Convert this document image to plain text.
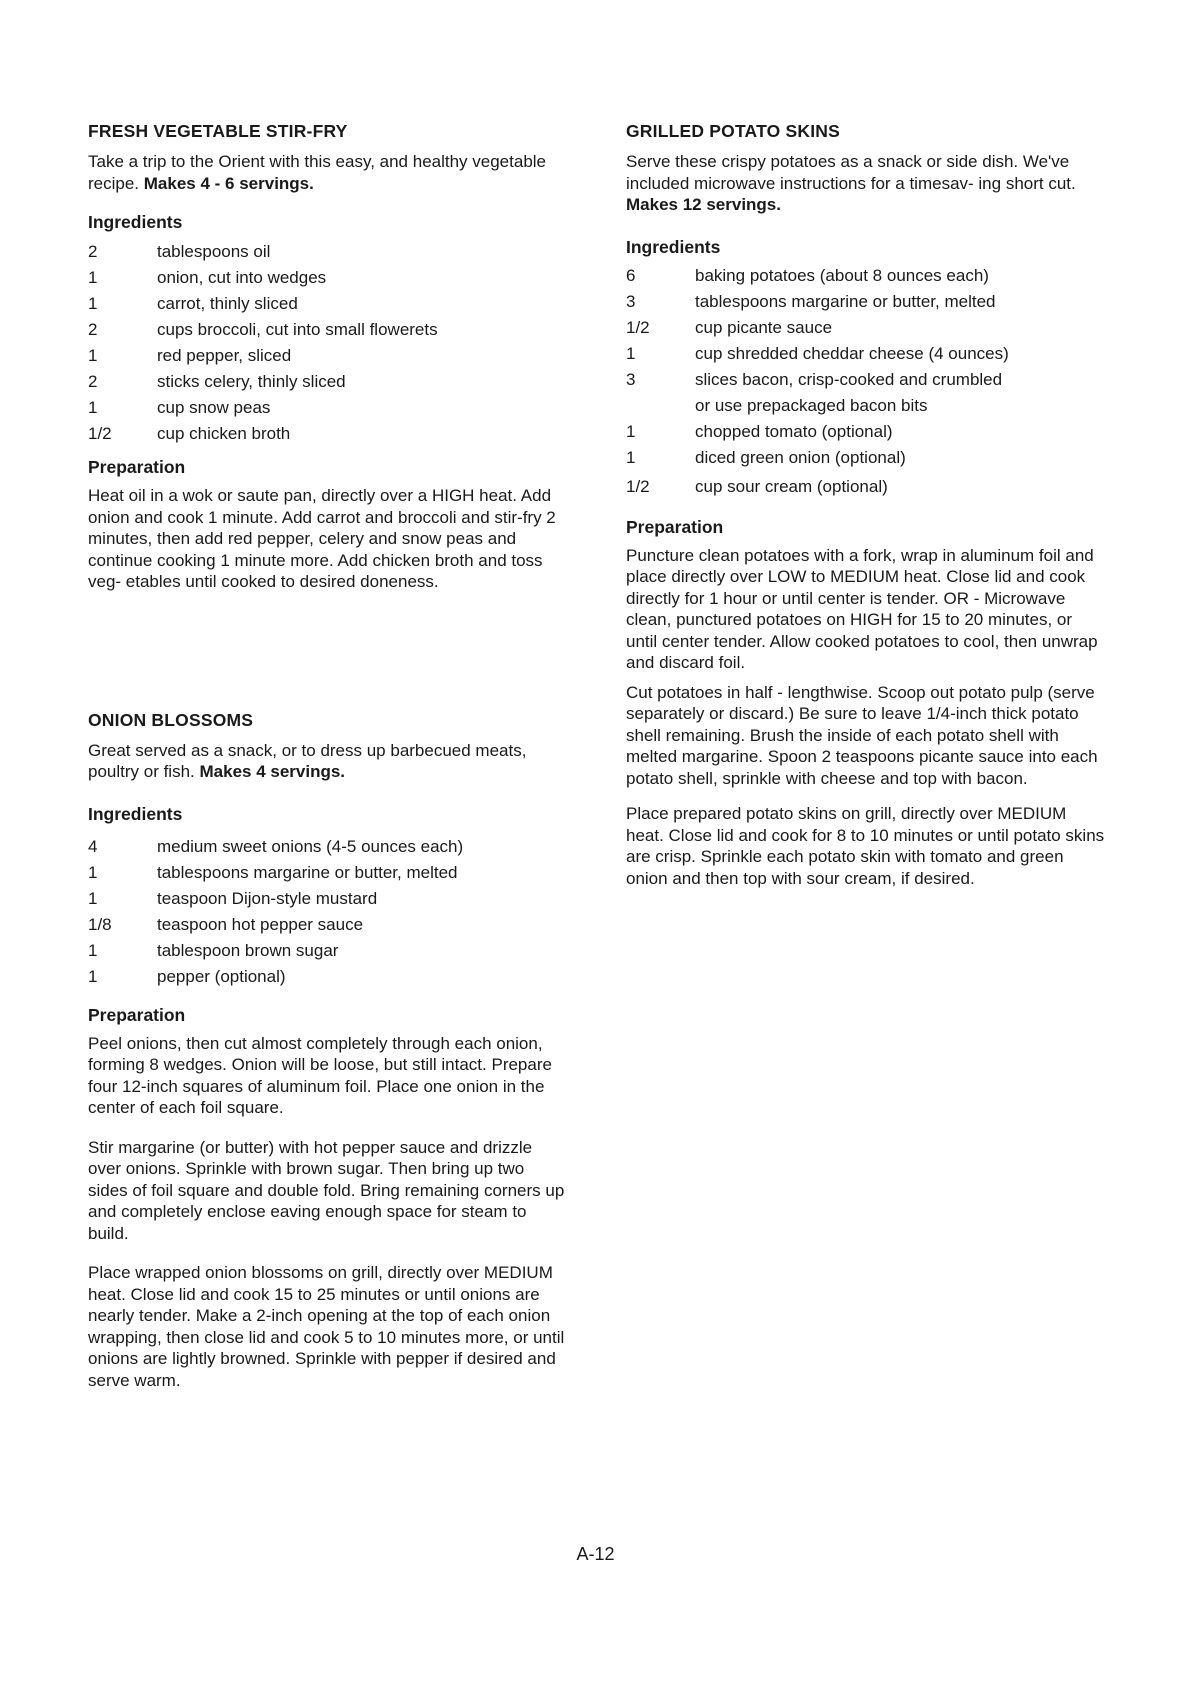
FRESH VEGETABLE STIR-FRY

Take a trip to the Orient with this easy, and healthy vegetable recipe. Makes 4 - 6 servings.

Ingredients
2	tablespoons oil
1	onion, cut into wedges
1	carrot, thinly sliced
2	cups broccoli, cut into small flowerets
1	red pepper, sliced
2	sticks celery, thinly sliced
1	cup snow peas
1/2	cup chicken broth
Preparation

Heat oil in a wok or saute pan, directly over a HIGH heat. Add onion and cook 1 minute. Add carrot and broccoli and stir-fry 2 minutes, then add red pepper, celery and snow peas and continue cooking 1 minute more. Add chicken broth and toss veg- etables until cooked to desired doneness.

ONION BLOSSOMS

Great served as a snack, or to dress up barbecued meats, poultry or fish. Makes 4 servings.

Ingredients
4	medium sweet onions (4-5 ounces each)
1	tablespoons margarine or butter, melted
1	teaspoon Dijon-style mustard
1/8	teaspoon hot pepper sauce
1	tablespoon brown sugar
1	pepper (optional)
Preparation

Peel onions, then cut almost completely through each onion, forming 8 wedges. Onion will be loose, but still intact. Prepare four 12-inch squares of aluminum foil. Place one onion in the center of each foil square.

Stir margarine (or butter) with hot pepper sauce and drizzle over onions. Sprinkle with brown sugar. Then bring up two sides of foil square and double fold. Bring remaining corners up and completely enclose eaving enough space for steam to build.

Place wrapped onion blossoms on grill, directly over MEDIUM heat. Close lid and cook 15 to 25 minutes or until onions are nearly tender. Make a 2-inch opening at the top of each onion wrapping, then close lid and cook 5 to 10 minutes more, or until onions are lightly browned. Sprinkle with pepper if desired and serve warm.

GRILLED POTATO SKINS

Serve these crispy potatoes as a snack or side dish. We've included microwave instructions for a timesav- ing short cut. Makes 12 servings.

Ingredients
6	baking potatoes (about 8 ounces each)
3	tablespoons margarine or butter, melted
1/2	cup picante sauce
1	cup shredded cheddar cheese (4 ounces)
3	slices bacon, crisp-cooked and crumbled
or use prepackaged bacon bits
1	chopped tomato (optional)
1	diced green onion (optional)
1/2	cup sour cream (optional)
Preparation

Puncture clean potatoes with a fork, wrap in aluminum foil and place directly over LOW to MEDIUM heat. Close lid and cook directly for 1 hour or until center is tender. OR - Microwave clean, punctured potatoes on HIGH for 15 to 20 minutes, or until center tender. Allow cooked potatoes to cool, then unwrap and discard foil.

Cut potatoes in half - lengthwise. Scoop out potato pulp (serve separately or discard.) Be sure to leave 1/4-inch thick potato shell remaining. Brush the inside of each potato shell with melted margarine. Spoon 2 teaspoons picante sauce into each potato shell, sprinkle with cheese and top with bacon.

Place prepared potato skins on grill, directly over MEDIUM heat. Close lid and cook for 8 to 10 minutes or until potato skins are crisp. Sprinkle each potato skin with tomato and green onion and then top with sour cream, if desired.

A-12
